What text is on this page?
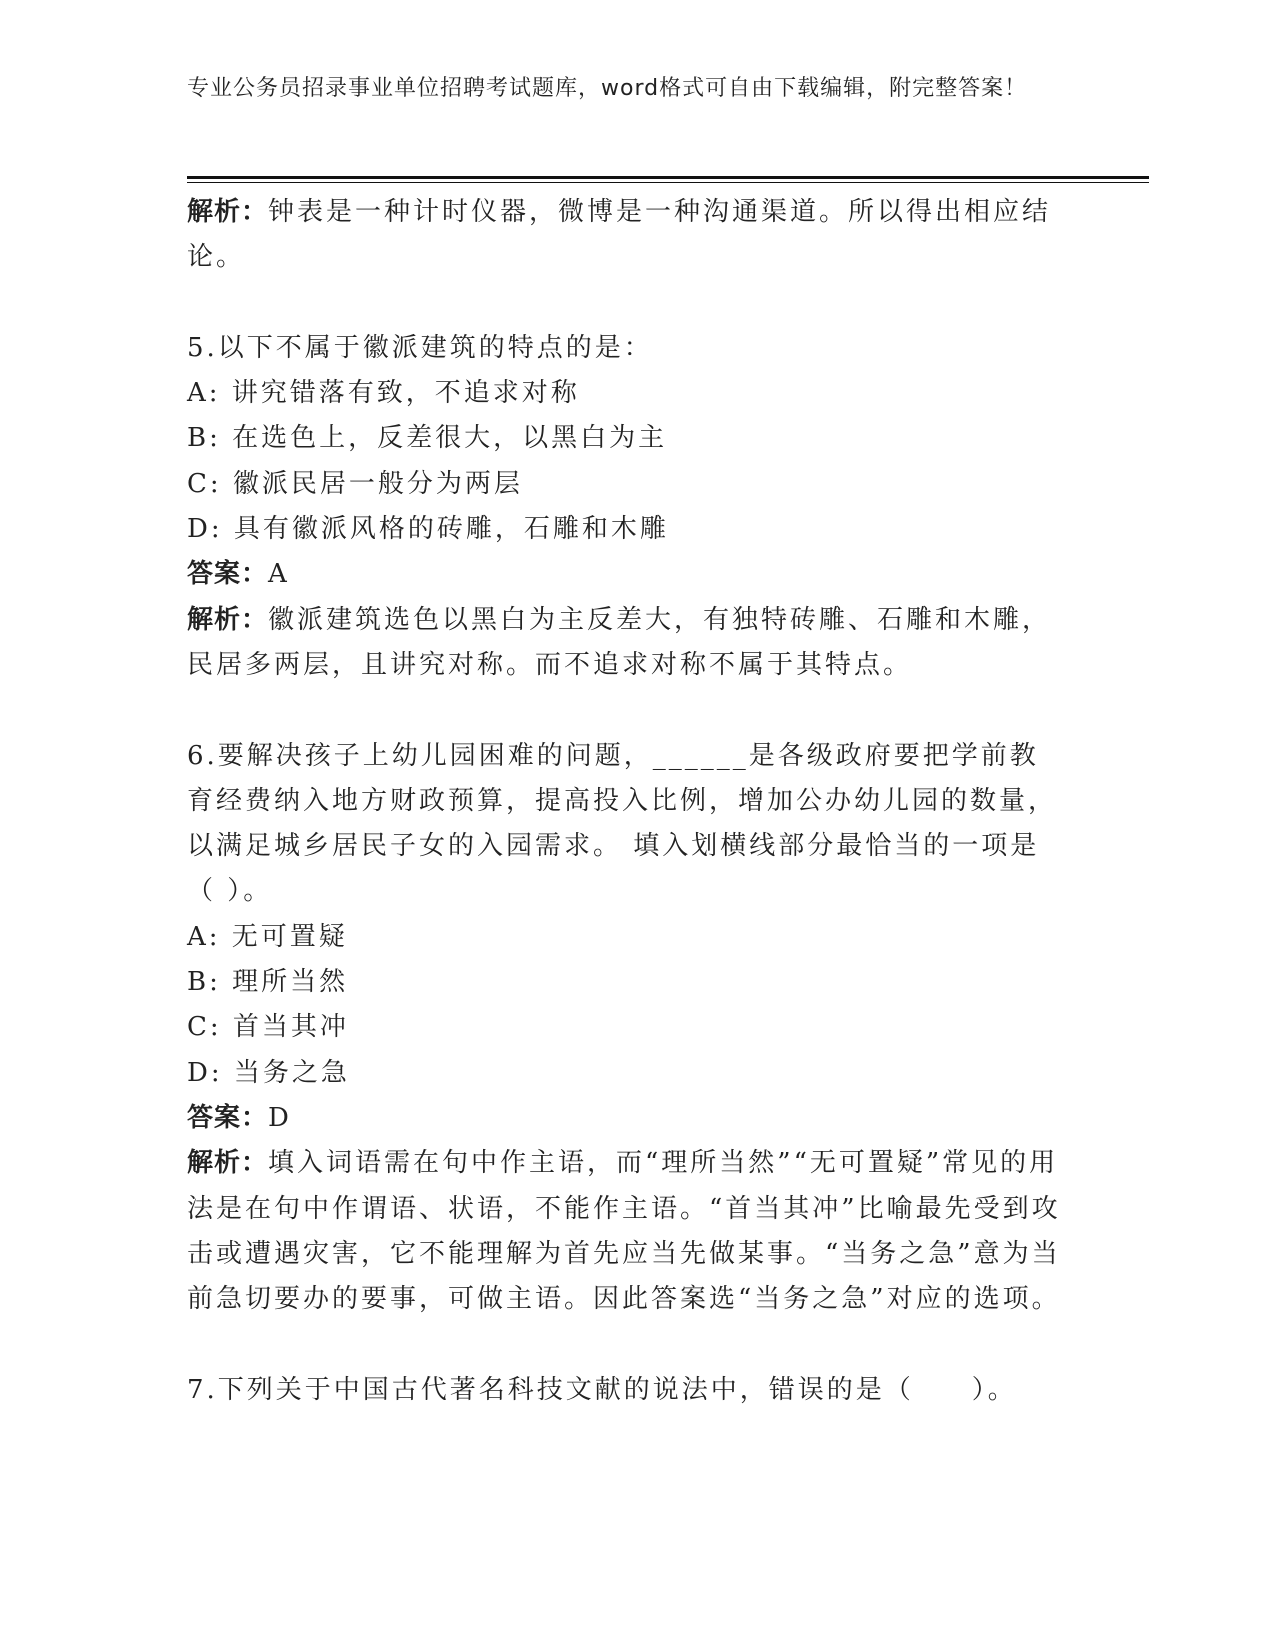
专业公务员招录事业单位招聘考试题库，word格式可自由下载编辑，附完整答案！

解析：钟表是一种计时仪器，微博是一种沟通渠道。所以得出相应结论。

5.以下不属于徽派建筑的特点的是：

A: 讲究错落有致，不追求对称

B: 在选色上，反差很大，以黑白为主

C: 徽派民居一般分为两层

D: 具有徽派风格的砖雕，石雕和木雕

答案：A

解析：徽派建筑选色以黑白为主反差大，有独特砖雕、石雕和木雕，民居多两层，且讲究对称。而不追求对称不属于其特点。

6.要解决孩子上幼儿园困难的问题，______是各级政府要把学前教育经费纳入地方财政预算，提高投入比例，增加公办幼儿园的数量，以满足城乡居民子女的入园需求。 填入划横线部分最恰当的一项是（ ）。

A: 无可置疑

B: 理所当然

C: 首当其冲

D: 当务之急

答案：D

解析：填入词语需在句中作主语，而“理所当然”“无可置疑”常见的用法是在句中作谓语、状语，不能作主语。“首当其冲”比喻最先受到攻击或遭遇灾害，它不能理解为首先应当先做某事。“当务之急”意为当前急切要办的要事，可做主语。因此答案选“当务之急”对应的选项。

7.下列关于中国古代著名科技文献的说法中，错误的是（　　）。
